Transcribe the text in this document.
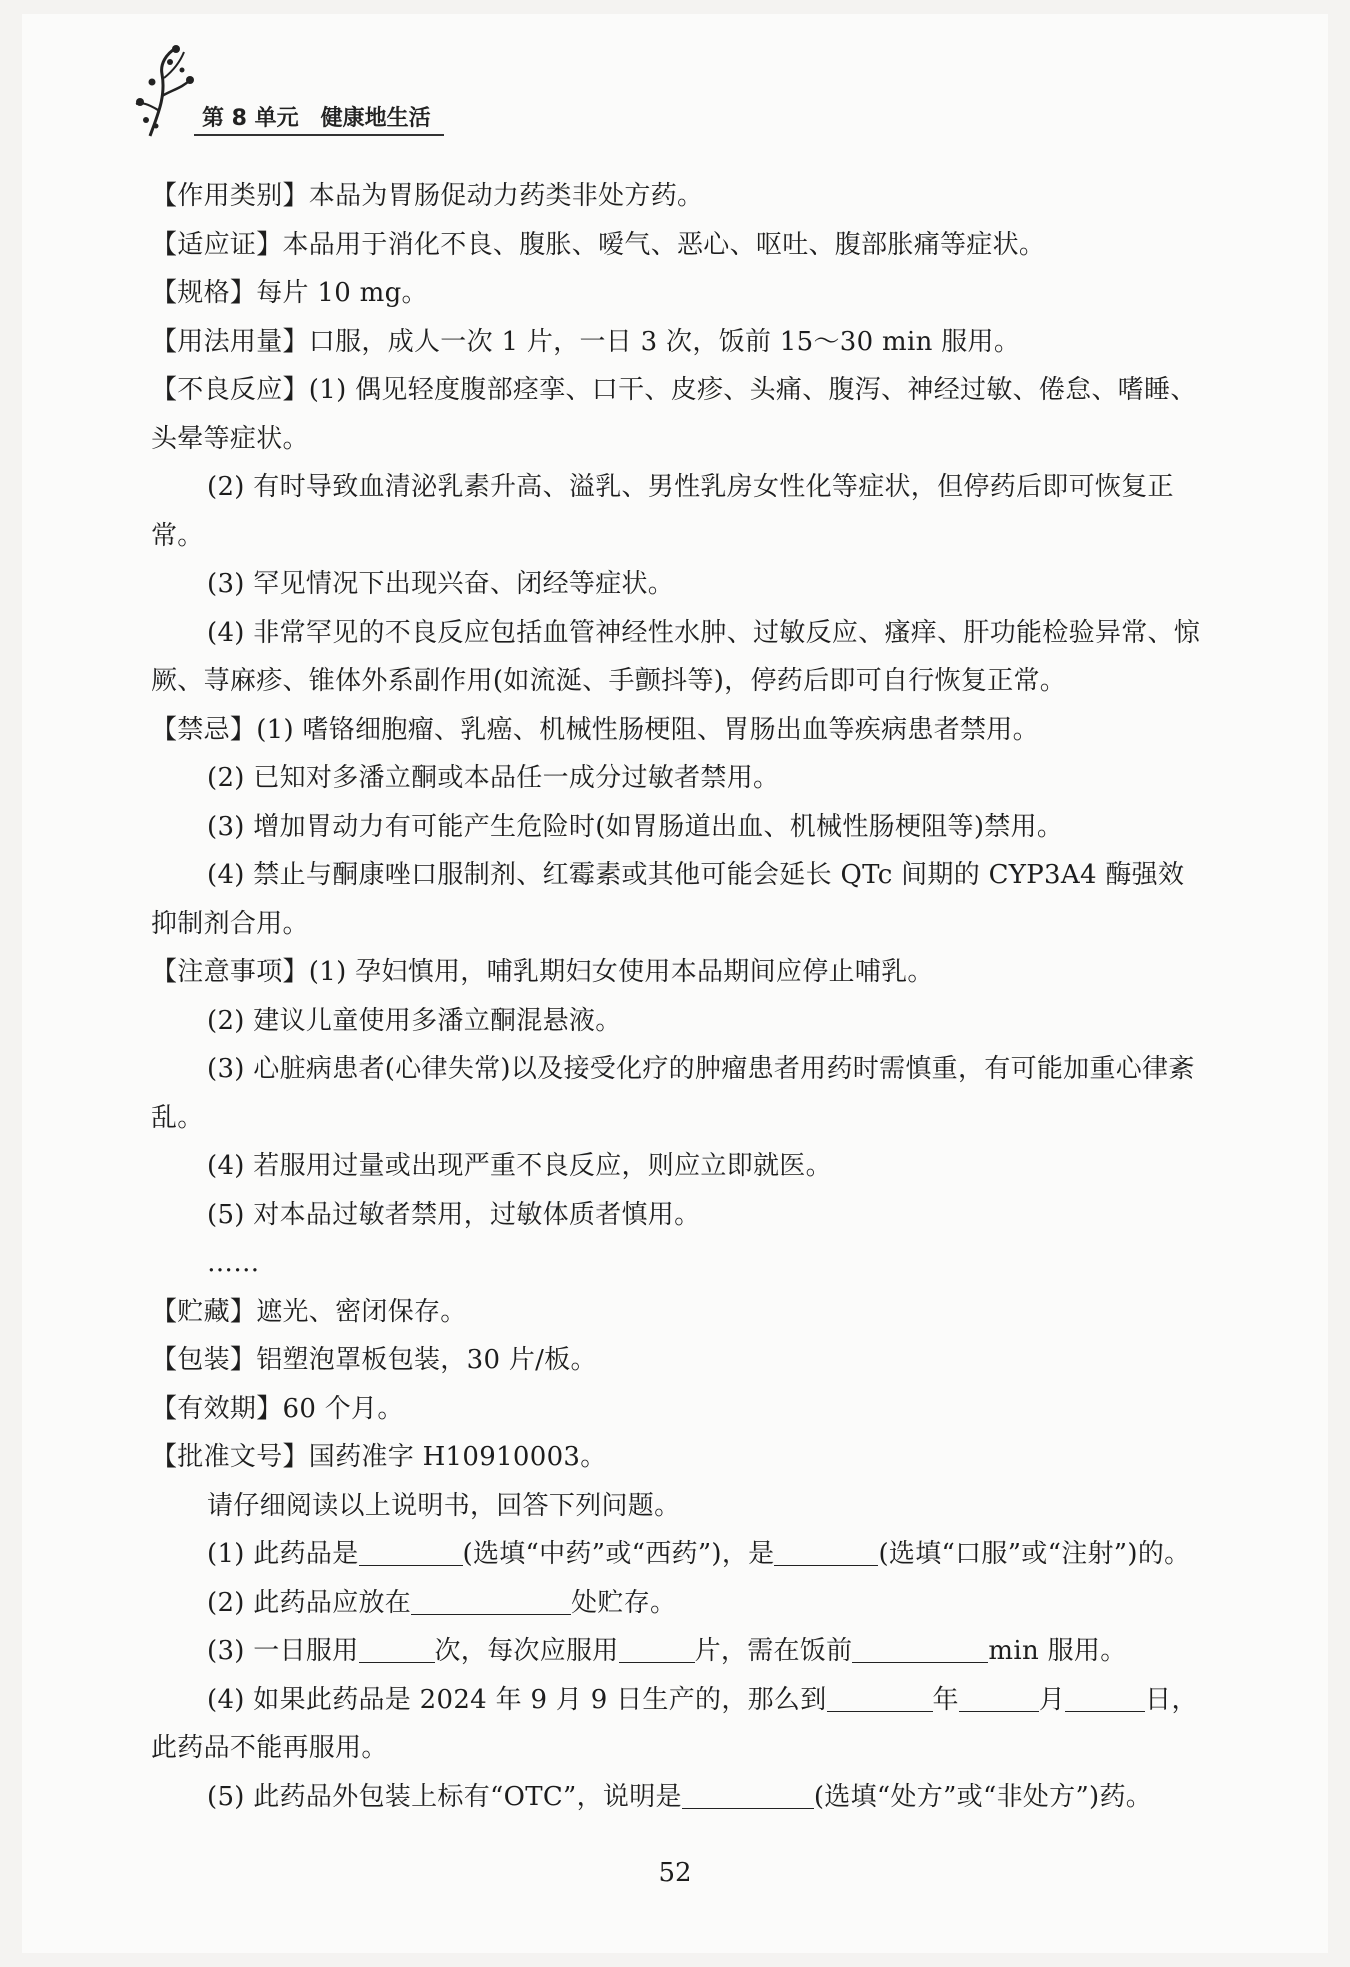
第 8 单元 健康地生活

【作用类别】本品为胃肠促动力药类非处方药。

【适应证】本品用于消化不良、腹胀、嗳气、恶心、呕吐、腹部胀痛等症状。

【规格】每片 10 mg。

【用法用量】口服，成人一次 1 片，一日 3 次，饭前 15～30 min 服用。

【不良反应】(1) 偶见轻度腹部痉挛、口干、皮疹、头痛、腹泻、神经过敏、倦怠、嗜睡、头晕等症状。

(2) 有时导致血清泌乳素升高、溢乳、男性乳房女性化等症状，但停药后即可恢复正常。

(3) 罕见情况下出现兴奋、闭经等症状。

(4) 非常罕见的不良反应包括血管神经性水肿、过敏反应、瘙痒、肝功能检验异常、惊厥、荨麻疹、锥体外系副作用(如流涎、手颤抖等)，停药后即可自行恢复正常。

【禁忌】(1) 嗜铬细胞瘤、乳癌、机械性肠梗阻、胃肠出血等疾病患者禁用。

(2) 已知对多潘立酮或本品任一成分过敏者禁用。

(3) 增加胃动力有可能产生危险时(如胃肠道出血、机械性肠梗阻等)禁用。

(4) 禁止与酮康唑口服制剂、红霉素或其他可能会延长 QTc 间期的 CYP3A4 酶强效抑制剂合用。

【注意事项】(1) 孕妇慎用，哺乳期妇女使用本品期间应停止哺乳。

(2) 建议儿童使用多潘立酮混悬液。

(3) 心脏病患者(心律失常)以及接受化疗的肿瘤患者用药时需慎重，有可能加重心律紊乱。

(4) 若服用过量或出现严重不良反应，则应立即就医。

(5) 对本品过敏者禁用，过敏体质者慎用。

……

【贮藏】遮光、密闭保存。

【包装】铝塑泡罩板包装，30 片/板。

【有效期】60 个月。

【批准文号】国药准字 H10910003。

请仔细阅读以上说明书，回答下列问题。

(1) 此药品是	(选填“中药”或“西药”)，是	(选填“口服”或“注射”)的。

(2) 此药品应放在	处贮存。

(3) 一日服用	次，每次应服用	片，需在饭前	min 服用。

(4) 如果此药品是 2024 年 9 月 9 日生产的，那么到	年	月	日，

此药品不能再服用。

(5) 此药品外包装上标有“OTC”，说明是	(选填“处方”或“非处方”)药。

52
